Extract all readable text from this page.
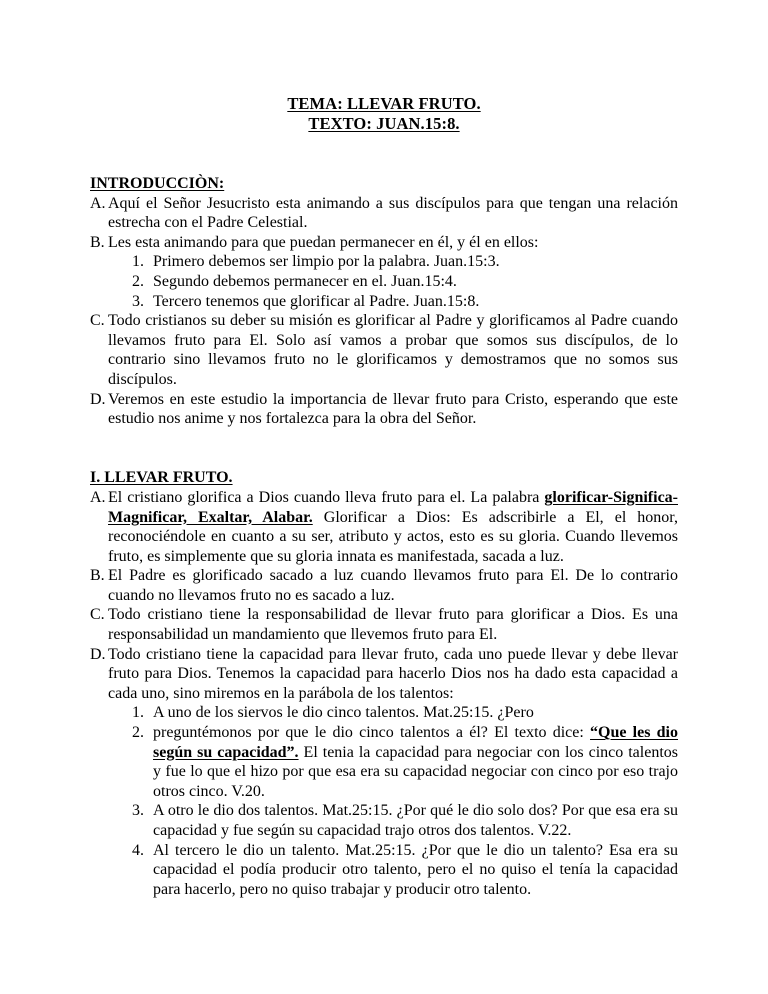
TEMA: LLEVAR FRUTO.
TEXTO: JUAN.15:8.
INTRODUCCIÒN:
A. Aquí el Señor Jesucristo esta animando a sus discípulos para que tengan una relación estrecha con el Padre Celestial.
B. Les esta animando para que puedan permanecer en él, y él en ellos:
1. Primero debemos ser limpio por la palabra. Juan.15:3.
2. Segundo debemos permanecer en el. Juan.15:4.
3. Tercero tenemos que glorificar al Padre. Juan.15:8.
C. Todo cristianos su deber su misión es glorificar al Padre y glorificamos al Padre cuando llevamos fruto para El. Solo así vamos a probar que somos sus discípulos, de lo contrario sino llevamos fruto no le glorificamos y demostramos que no somos sus discípulos.
D. Veremos en este estudio la importancia de llevar fruto para Cristo, esperando que este estudio nos anime y nos fortalezca para la obra del Señor.
I. LLEVAR FRUTO.
A. El cristiano glorifica a Dios cuando lleva fruto para el. La palabra glorificar-Significa- Magnificar, Exaltar, Alabar. Glorificar a Dios: Es adscribirle a El, el honor, reconociéndole en cuanto a su ser, atributo y actos, esto es su gloria. Cuando llevemos fruto, es simplemente que su gloria innata es manifestada, sacada a luz.
B. El Padre es glorificado sacado a luz cuando llevamos fruto para El. De lo contrario cuando no llevamos fruto no es sacado a luz.
C. Todo cristiano tiene la responsabilidad de llevar fruto para glorificar a Dios. Es una responsabilidad un mandamiento que llevemos fruto para El.
D. Todo cristiano tiene la capacidad para llevar fruto, cada uno puede llevar y debe llevar fruto para Dios. Tenemos la capacidad para hacerlo Dios nos ha dado esta capacidad a cada uno, sino miremos en la parábola de los talentos:
1. A uno de los siervos le dio cinco talentos. Mat.25:15. ¿Pero
2. preguntémonos por que le dio cinco talentos a él? El texto dice: “Que les dio según su capacidad”. El tenia la capacidad para negociar con los cinco talentos y fue lo que el hizo por que esa era su capacidad negociar con cinco por eso trajo otros cinco. V.20.
3. A otro le dio dos talentos. Mat.25:15. ¿Por qué le dio solo dos? Por que esa era su capacidad y fue según su capacidad trajo otros dos talentos. V.22.
4. Al tercero le dio un talento. Mat.25:15. ¿Por que le dio un talento? Esa era su capacidad el podía producir otro talento, pero el no quiso el tenía la capacidad para hacerlo, pero no quiso trabajar y producir otro talento.
